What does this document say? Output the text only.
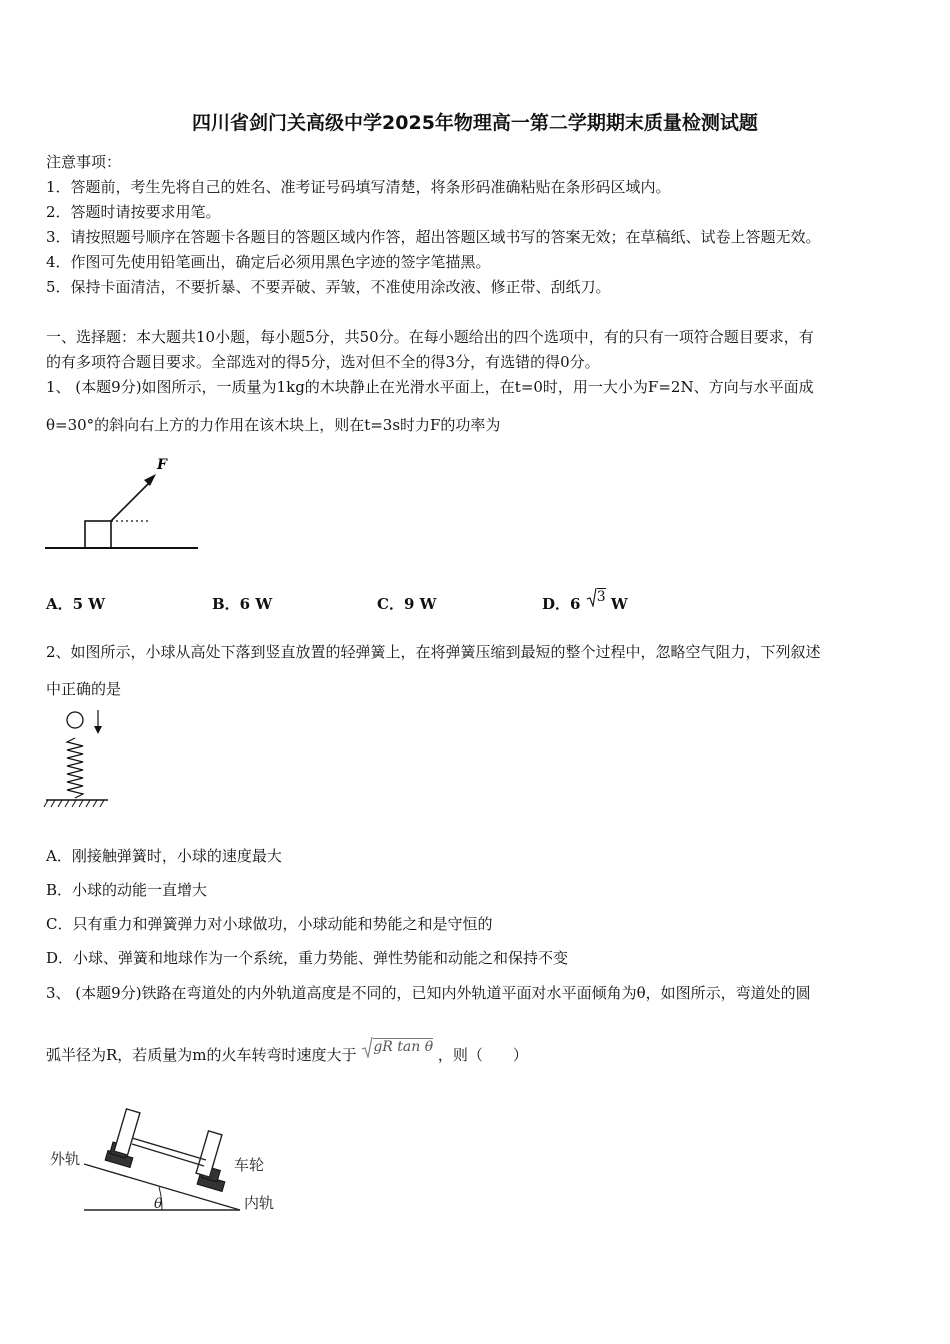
四川省剑门关高级中学2025年物理高一第二学期期末质量检测试题
注意事项：
1．答题前，考生先将自己的姓名、准考证号码填写清楚，将条形码准确粘贴在条形码区域内。
2．答题时请按要求用笔。
3．请按照题号顺序在答题卡各题目的答题区域内作答，超出答题区域书写的答案无效；在草稿纸、试卷上答题无效。
4．作图可先使用铅笔画出，确定后必须用黑色字迹的签字笔描黑。
5．保持卡面清洁，不要折暴、不要弄破、弄皱，不准使用涂改液、修正带、刮纸刀。
一、选择题：本大题共10小题，每小题5分，共50分。在每小题给出的四个选项中，有的只有一项符合题目要求，有
的有多项符合题目要求。全部选对的得5分，选对但不全的得3分，有选错的得0分。
1、 (本题9分)如图所示，一质量为1kg的木块静止在光滑水平面上，在t=0时，用一大小为F=2N、方向与水平面成
θ=30°的斜向右上方的力作用在该木块上，则在t=3s时力F的功率为
F
A．5 W	B．6 W	C．9 W	D．6 3 W
2、如图所示，小球从高处下落到竖直放置的轻弹簧上，在将弹簧压缩到最短的整个过程中，忽略空气阻力，下列叙述
中正确的是
A．刚接触弹簧时，小球的速度最大
B．小球的动能一直增大
C．只有重力和弹簧弹力对小球做功，小球动能和势能之和是守恒的
D．小球、弹簧和地球作为一个系统，重力势能、弹性势能和动能之和保持不变
3、 (本题9分)铁路在弯道处的内外轨道高度是不同的，已知内外轨道平面对水平面倾角为θ，如图所示，弯道处的圆
弧半径为R，若质量为m的火车转弯时速度大于 gR tan θ ，则（　　）
θ
外轨	车轮
内轨
